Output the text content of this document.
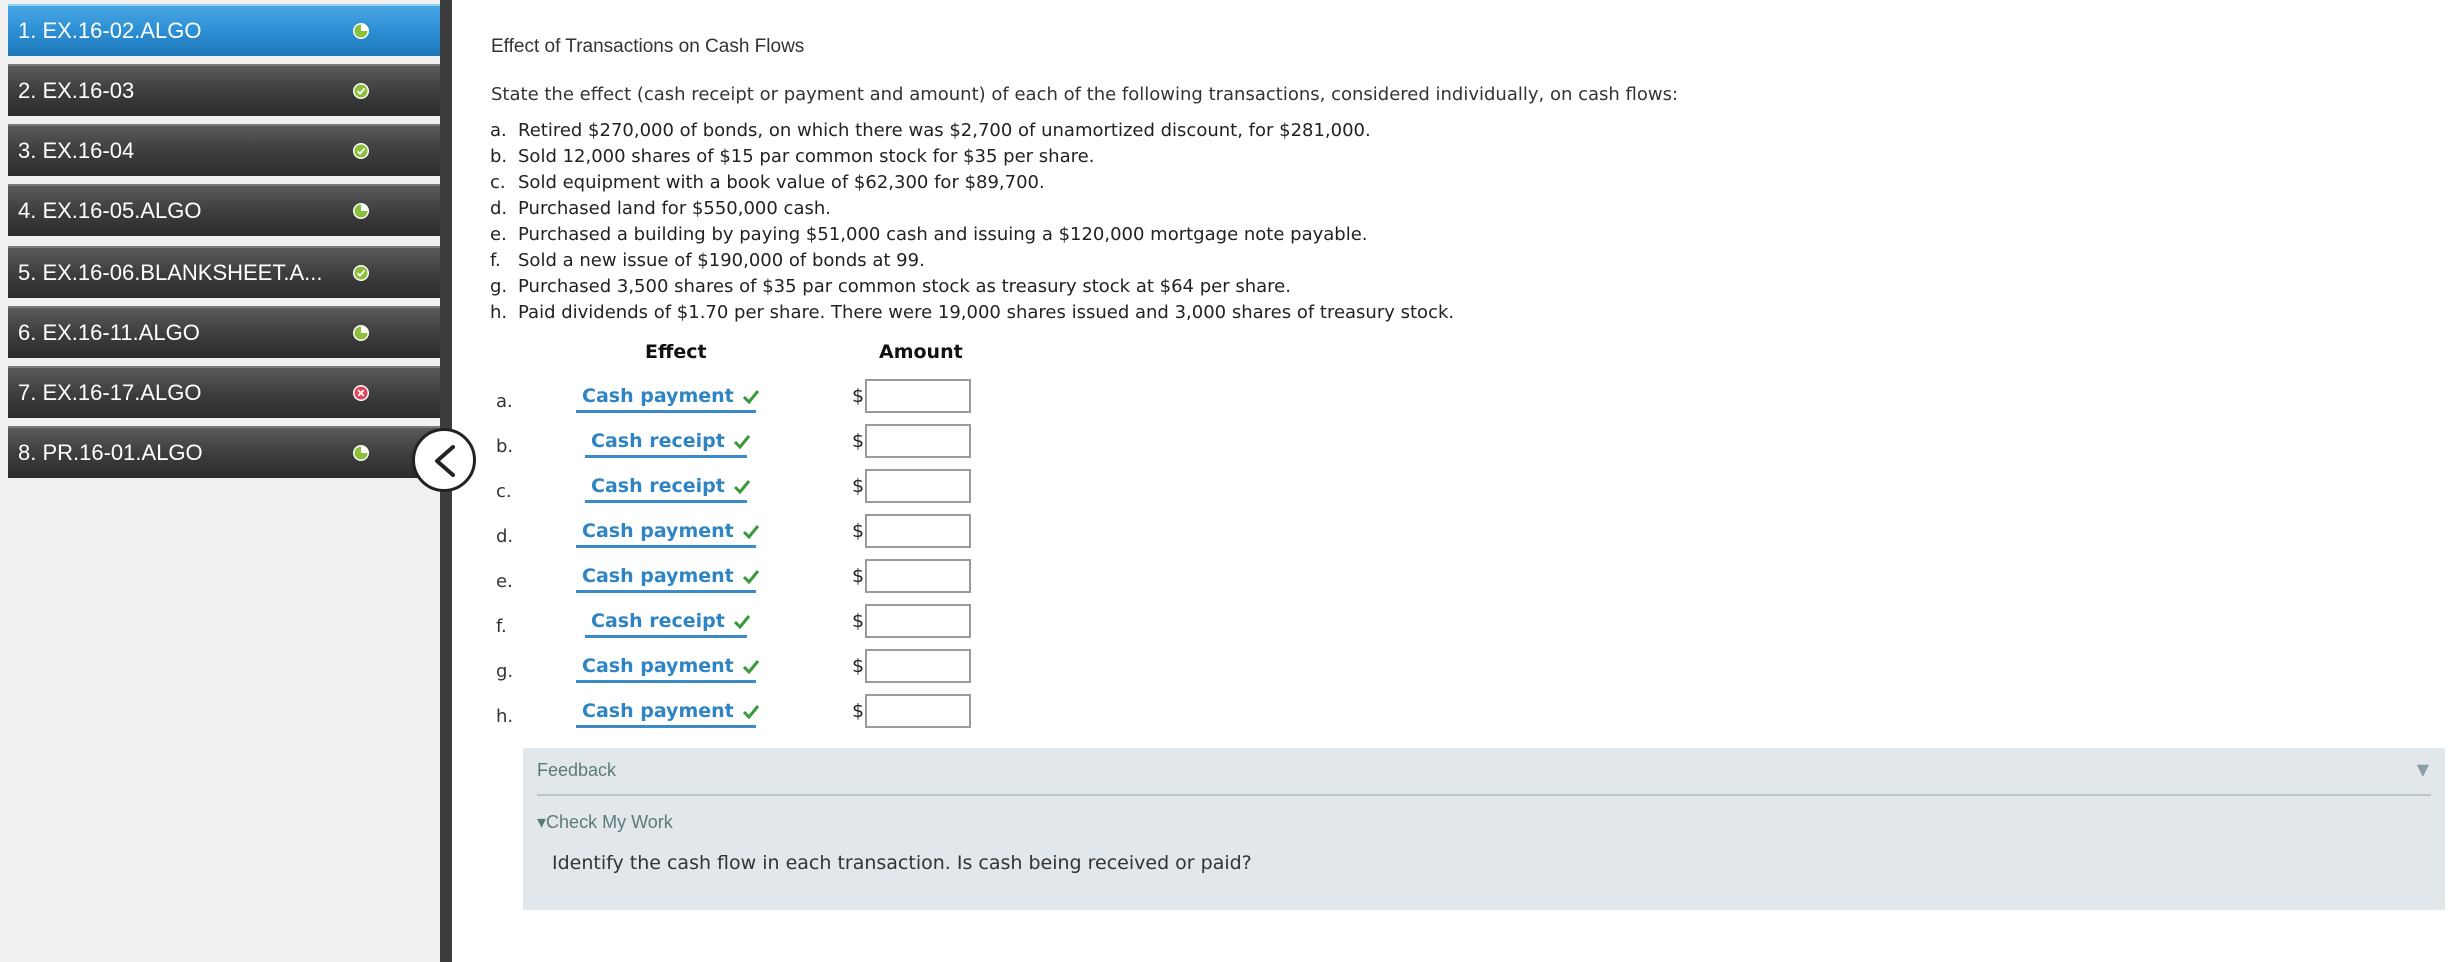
1. EX.16-02.ALGO
2. EX.16-03
3. EX.16-04
4. EX.16-05.ALGO
5. EX.16-06.BLANKSHEET.A...
6. EX.16-11.ALGO
7. EX.16-17.ALGO
8. PR.16-01.ALGO
Effect of Transactions on Cash Flows
State the effect (cash receipt or payment and amount) of each of the following transactions, considered individually, on cash flows:
a. Retired $270,000 of bonds, on which there was $2,700 of unamortized discount, for $281,000.
b. Sold 12,000 shares of $15 par common stock for $35 per share.
c. Sold equipment with a book value of $62,300 for $89,700.
d. Purchased land for $550,000 cash.
e. Purchased a building by paying $51,000 cash and issuing a $120,000 mortgage note payable.
f. Sold a new issue of $190,000 of bonds at 99.
g. Purchased 3,500 shares of $35 par common stock as treasury stock at $64 per share.
h. Paid dividends of $1.70 per share. There were 19,000 shares issued and 3,000 shares of treasury stock.
Effect	Amount
a.	Cash payment	$
b.	Cash receipt	$
c.	Cash receipt	$
d.	Cash payment	$
e.	Cash payment	$
f.	Cash receipt	$
g.	Cash payment	$
h.	Cash payment	$
Feedback	▼
▾Check My Work
Identify the cash flow in each transaction. Is cash being received or paid?
